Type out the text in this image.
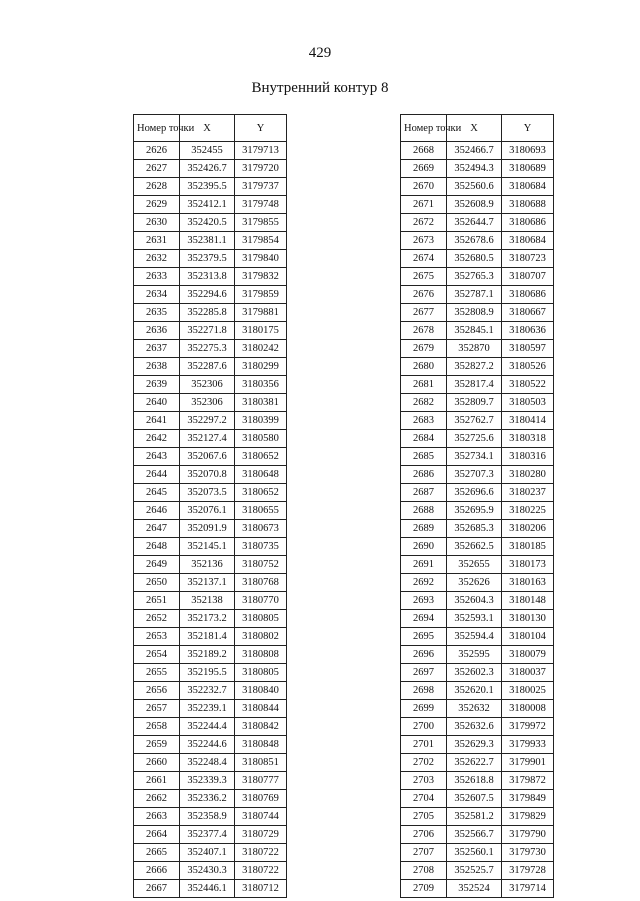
429
Внутренний контур 8
Номер точки	X	Y
2626	352455	3179713
2627	352426.7	3179720
2628	352395.5	3179737
2629	352412.1	3179748
2630	352420.5	3179855
2631	352381.1	3179854
2632	352379.5	3179840
2633	352313.8	3179832
2634	352294.6	3179859
2635	352285.8	3179881
2636	352271.8	3180175
2637	352275.3	3180242
2638	352287.6	3180299
2639	352306	3180356
2640	352306	3180381
2641	352297.2	3180399
2642	352127.4	3180580
2643	352067.6	3180652
2644	352070.8	3180648
2645	352073.5	3180652
2646	352076.1	3180655
2647	352091.9	3180673
2648	352145.1	3180735
2649	352136	3180752
2650	352137.1	3180768
2651	352138	3180770
2652	352173.2	3180805
2653	352181.4	3180802
2654	352189.2	3180808
2655	352195.5	3180805
2656	352232.7	3180840
2657	352239.1	3180844
2658	352244.4	3180842
2659	352244.6	3180848
2660	352248.4	3180851
2661	352339.3	3180777
2662	352336.2	3180769
2663	352358.9	3180744
2664	352377.4	3180729
2665	352407.1	3180722
2666	352430.3	3180722
2667	352446.1	3180712
Номер точки	X	Y
2668	352466.7	3180693
2669	352494.3	3180689
2670	352560.6	3180684
2671	352608.9	3180688
2672	352644.7	3180686
2673	352678.6	3180684
2674	352680.5	3180723
2675	352765.3	3180707
2676	352787.1	3180686
2677	352808.9	3180667
2678	352845.1	3180636
2679	352870	3180597
2680	352827.2	3180526
2681	352817.4	3180522
2682	352809.7	3180503
2683	352762.7	3180414
2684	352725.6	3180318
2685	352734.1	3180316
2686	352707.3	3180280
2687	352696.6	3180237
2688	352695.9	3180225
2689	352685.3	3180206
2690	352662.5	3180185
2691	352655	3180173
2692	352626	3180163
2693	352604.3	3180148
2694	352593.1	3180130
2695	352594.4	3180104
2696	352595	3180079
2697	352602.3	3180037
2698	352620.1	3180025
2699	352632	3180008
2700	352632.6	3179972
2701	352629.3	3179933
2702	352622.7	3179901
2703	352618.8	3179872
2704	352607.5	3179849
2705	352581.2	3179829
2706	352566.7	3179790
2707	352560.1	3179730
2708	352525.7	3179728
2709	352524	3179714
